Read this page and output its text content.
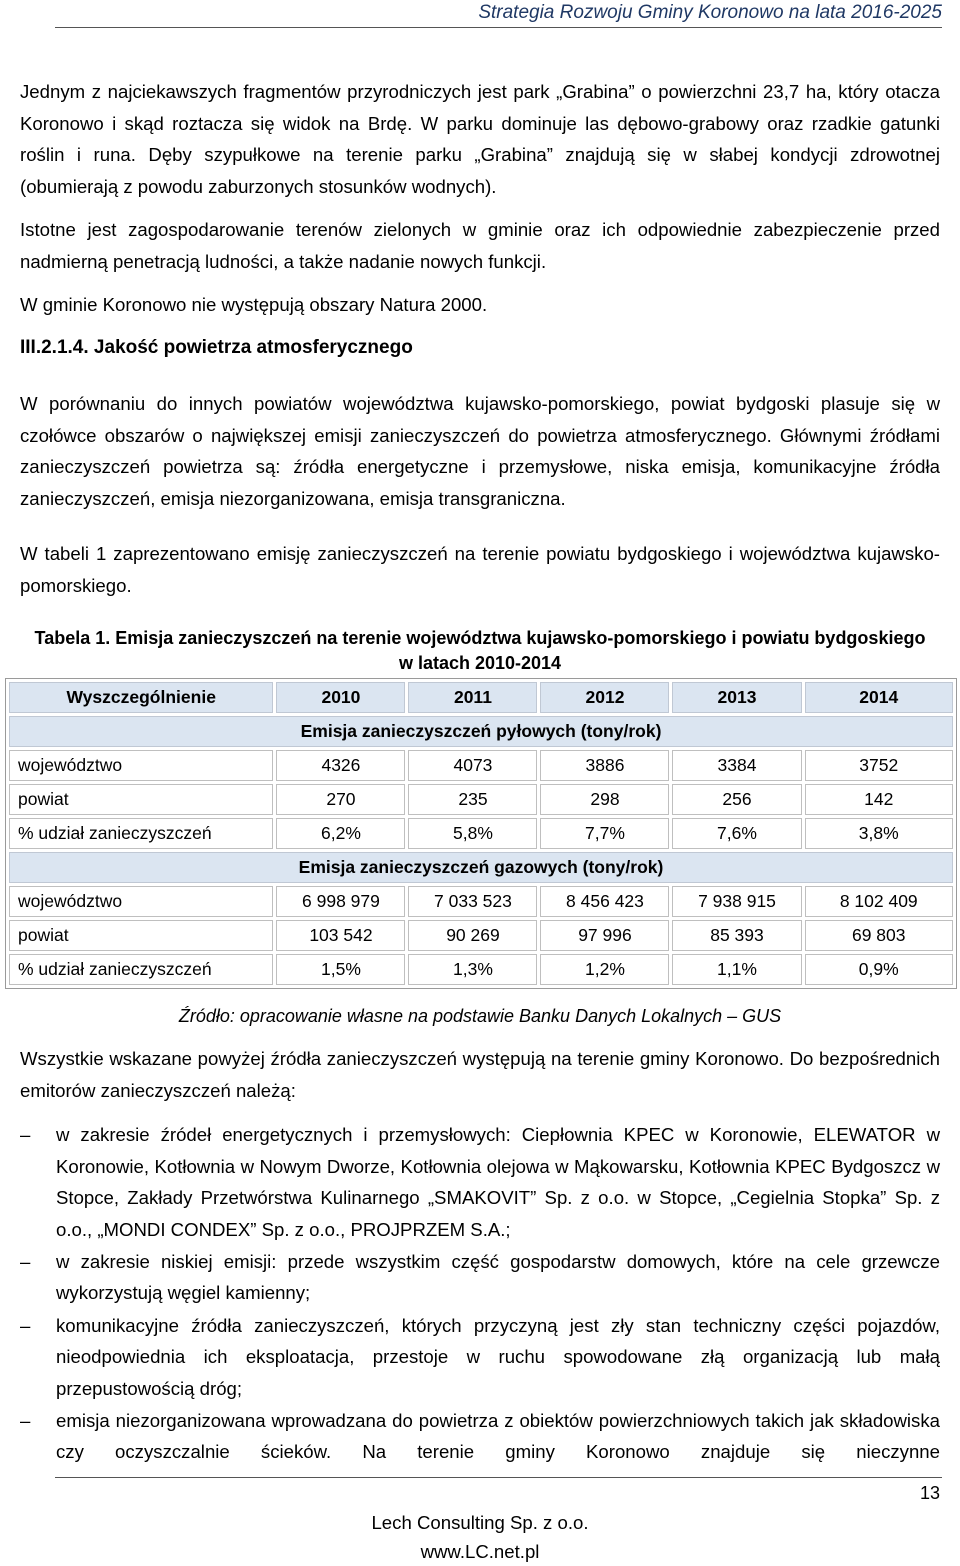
Strategia Rozwoju Gminy Koronowo na lata 2016-2025
Jednym z najciekawszych fragmentów przyrodniczych jest park „Grabina” o powierzchni 23,7 ha, który otacza Koronowo i skąd roztacza się widok na Brdę. W parku dominuje las dębowo-grabowy oraz rzadkie gatunki roślin i runa. Dęby szypułkowe na terenie parku „Grabina” znajdują się w słabej kondycji zdrowotnej (obumierają z powodu zaburzonych stosunków wodnych).
Istotne jest zagospodarowanie terenów zielonych w gminie oraz ich odpowiednie zabezpieczenie przed nadmierną penetracją ludności, a także nadanie nowych funkcji.
W gminie Koronowo nie występują obszary Natura 2000.
III.2.1.4. Jakość powietrza atmosferycznego
W porównaniu do innych powiatów województwa kujawsko-pomorskiego, powiat bydgoski plasuje się w czołówce obszarów o największej emisji zanieczyszczeń do powietrza atmosferycznego. Głównymi źródłami zanieczyszczeń powietrza są: źródła energetyczne i przemysłowe, niska emisja, komunikacyjne źródła zanieczyszczeń, emisja niezorganizowana, emisja transgraniczna.
W tabeli 1 zaprezentowano emisję zanieczyszczeń na terenie powiatu bydgoskiego i województwa kujawsko-pomorskiego.
Tabela 1. Emisja zanieczyszczeń na terenie województwa kujawsko-pomorskiego i powiatu bydgoskiego
w latach 2010-2014
Wyszczególnienie	2010	2011	2012	2013	2014
Emisja zanieczyszczeń pyłowych (tony/rok)					
województwo	4326	4073	3886	3384	3752
powiat	270	235	298	256	142
% udział zanieczyszczeń	6,2%	5,8%	7,7%	7,6%	3,8%
Emisja zanieczyszczeń gazowych (tony/rok)					
województwo	6 998 979	7 033 523	8 456 423	7 938 915	8 102 409
powiat	103 542	90 269	97 996	85 393	69 803
% udział zanieczyszczeń	1,5%	1,3%	1,2%	1,1%	0,9%
Źródło: opracowanie własne na podstawie Banku Danych Lokalnych – GUS
Wszystkie wskazane powyżej źródła zanieczyszczeń występują na terenie gminy Koronowo. Do bezpośrednich emitorów zanieczyszczeń należą:
– w zakresie źródeł energetycznych i przemysłowych: Ciepłownia KPEC w Koronowie, ELEWATOR w Koronowie, Kotłownia w Nowym Dworze, Kotłownia olejowa w Mąkowarsku, Kotłownia KPEC Bydgoszcz w Stopce, Zakłady Przetwórstwa Kulinarnego „SMAKOVIT” Sp. z o.o. w Stopce, „Cegielnia Stopka” Sp. z o.o., „MONDI CONDEX” Sp. z o.o., PROJPRZEM S.A.;
– w zakresie niskiej emisji: przede wszystkim część gospodarstw domowych, które na cele grzewcze wykorzystują węgiel kamienny;
– komunikacyjne źródła zanieczyszczeń, których przyczyną jest zły stan techniczny części pojazdów, nieodpowiednia ich eksploatacja, przestoje w ruchu spowodowane złą organizacją lub małą przepustowością dróg;
– emisja niezorganizowana wprowadzana do powietrza z obiektów powierzchniowych takich jak składowiska czy oczyszczalnie ścieków. Na terenie gminy Koronowo znajduje się nieczynne
13
Lech Consulting Sp. z o.o.
www.LC.net.pl
